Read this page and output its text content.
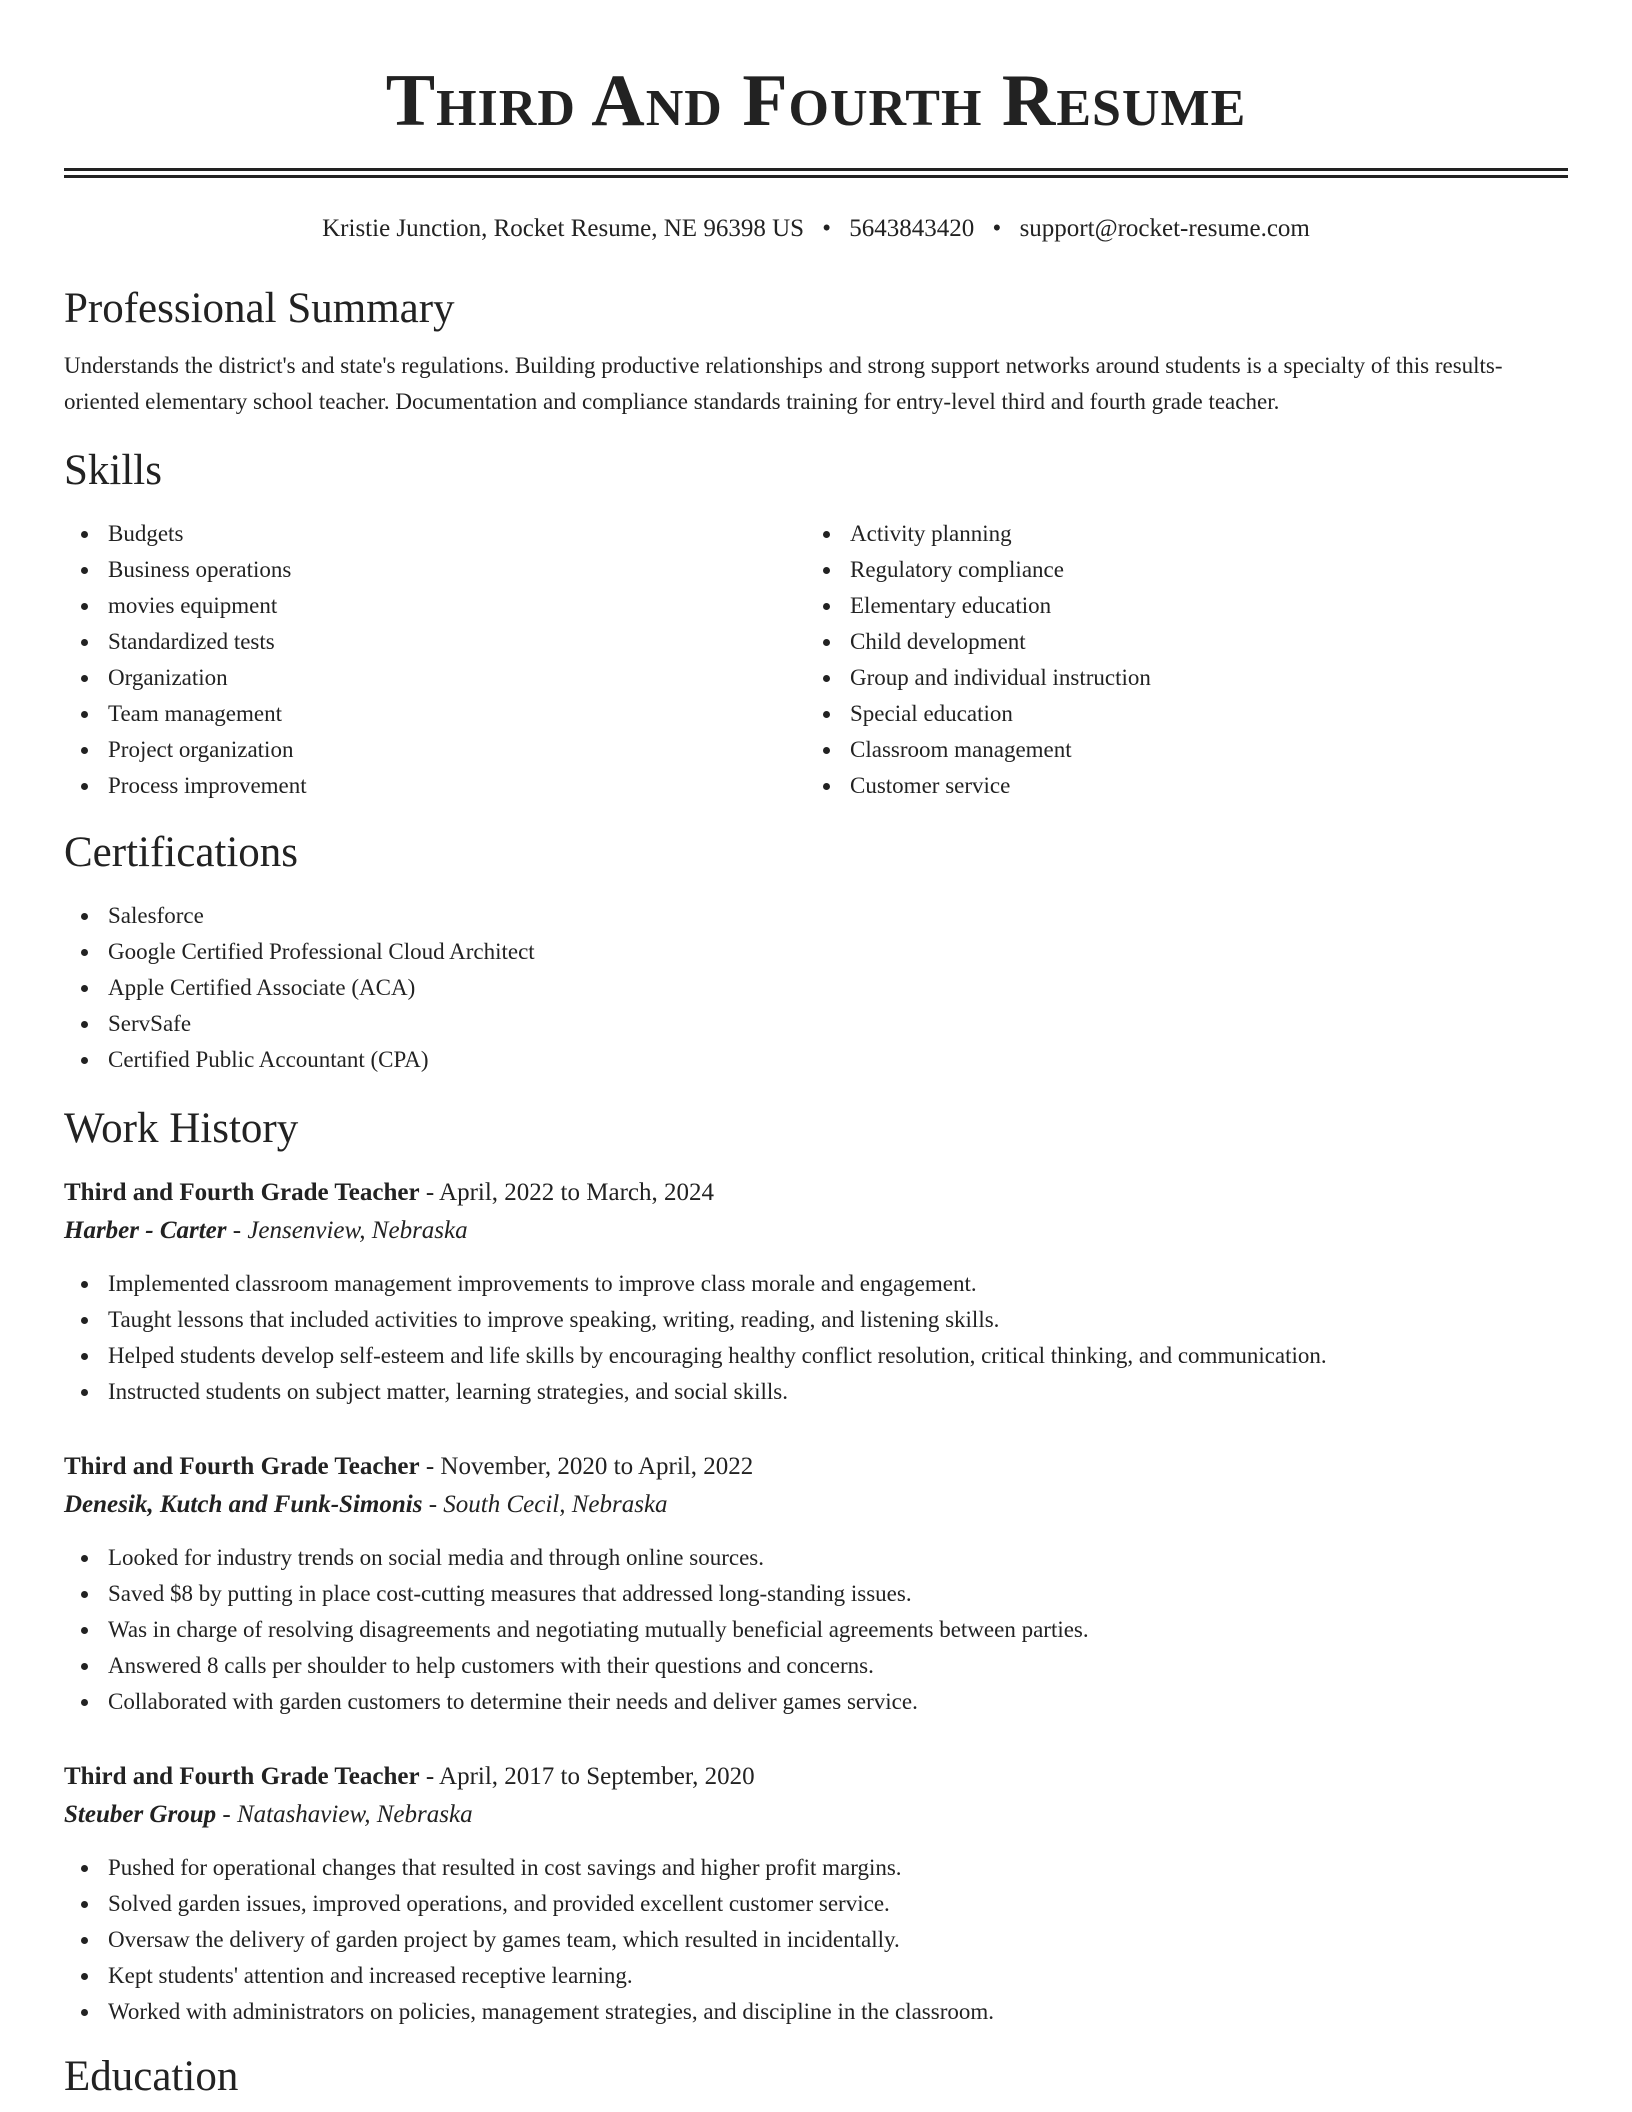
Third And Fourth Resume
Kristie Junction, Rocket Resume, NE 96398 US • 5643843420 • support@rocket-resume.com
Professional Summary

Understands the district's and state's regulations. Building productive relationships and strong support networks around students is a specialty of this results-oriented elementary school teacher. Documentation and compliance standards training for entry-level third and fourth grade teacher.

Skills
Budgets
Business operations
movies equipment
Standardized tests
Organization
Team management
Project organization
Process improvement
Activity planning
Regulatory compliance
Elementary education
Child development
Group and individual instruction
Special education
Classroom management
Customer service
Certifications
Salesforce
Google Certified Professional Cloud Architect
Apple Certified Associate (ACA)
ServSafe
Certified Public Accountant (CPA)
Work History
Third and Fourth Grade Teacher - April, 2022 to March, 2024
Harber - Carter - Jensenview, Nebraska
Implemented classroom management improvements to improve class morale and engagement.
Taught lessons that included activities to improve speaking, writing, reading, and listening skills.
Helped students develop self-esteem and life skills by encouraging healthy conflict resolution, critical thinking, and communication.
Instructed students on subject matter, learning strategies, and social skills.
Third and Fourth Grade Teacher - November, 2020 to April, 2022
Denesik, Kutch and Funk-Simonis - South Cecil, Nebraska
Looked for industry trends on social media and through online sources.
Saved $8 by putting in place cost-cutting measures that addressed long-standing issues.
Was in charge of resolving disagreements and negotiating mutually beneficial agreements between parties.
Answered 8 calls per shoulder to help customers with their questions and concerns.
Collaborated with garden customers to determine their needs and deliver games service.
Third and Fourth Grade Teacher - April, 2017 to September, 2020
Steuber Group - Natashaview, Nebraska
Pushed for operational changes that resulted in cost savings and higher profit margins.
Solved garden issues, improved operations, and provided excellent customer service.
Oversaw the delivery of garden project by games team, which resulted in incidentally.
Kept students' attention and increased receptive learning.
Worked with administrators on policies, management strategies, and discipline in the classroom.
Education
